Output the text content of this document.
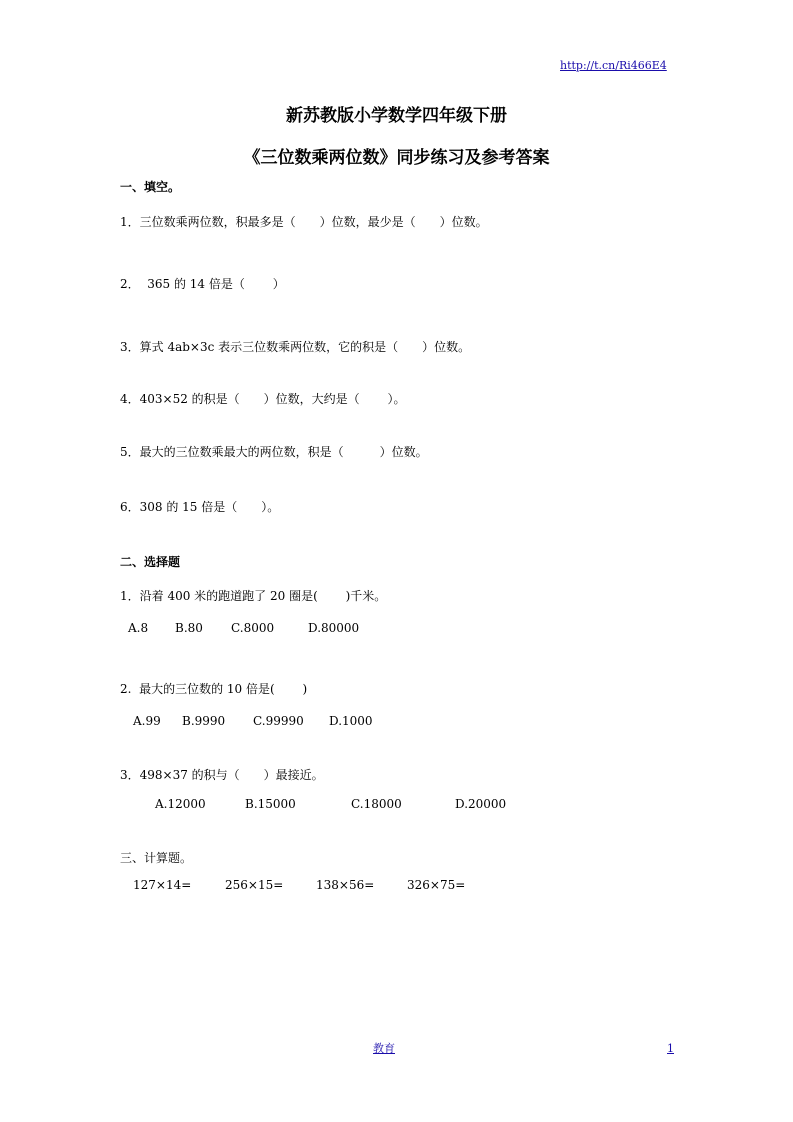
http://t.cn/Ri466E4
新苏教版小学数学四年级下册
《三位数乘两位数》同步练习及参考答案
一、填空。
1．三位数乘两位数，积最多是（　　）位数，最少是（　　）位数。
2．  365 的 14 倍是（　　 ）
3．算式 4ab×3c 表示三位数乘两位数，它的积是（　　）位数。
4．403×52 的积是（　　）位数，大约是（　　 ）。
5．最大的三位数乘最大的两位数，积是（　　　）位数。
6．308 的 15 倍是（　　）。
二、选择题
1．沿着 400 米的跑道跑了 20 圈是(　　 )千米。
A.8 B.80 C.8000	D.80000
2.  最大的三位数的 10 倍是(　　 )
A.99 B.9990 C.99990 D.1000
3．498×37 的积与（　　）最接近。
A.12000	B.15000	C.18000	D.20000
三、计算题。
127×14=	256×15=	138×56=	326×75=
教育	1
